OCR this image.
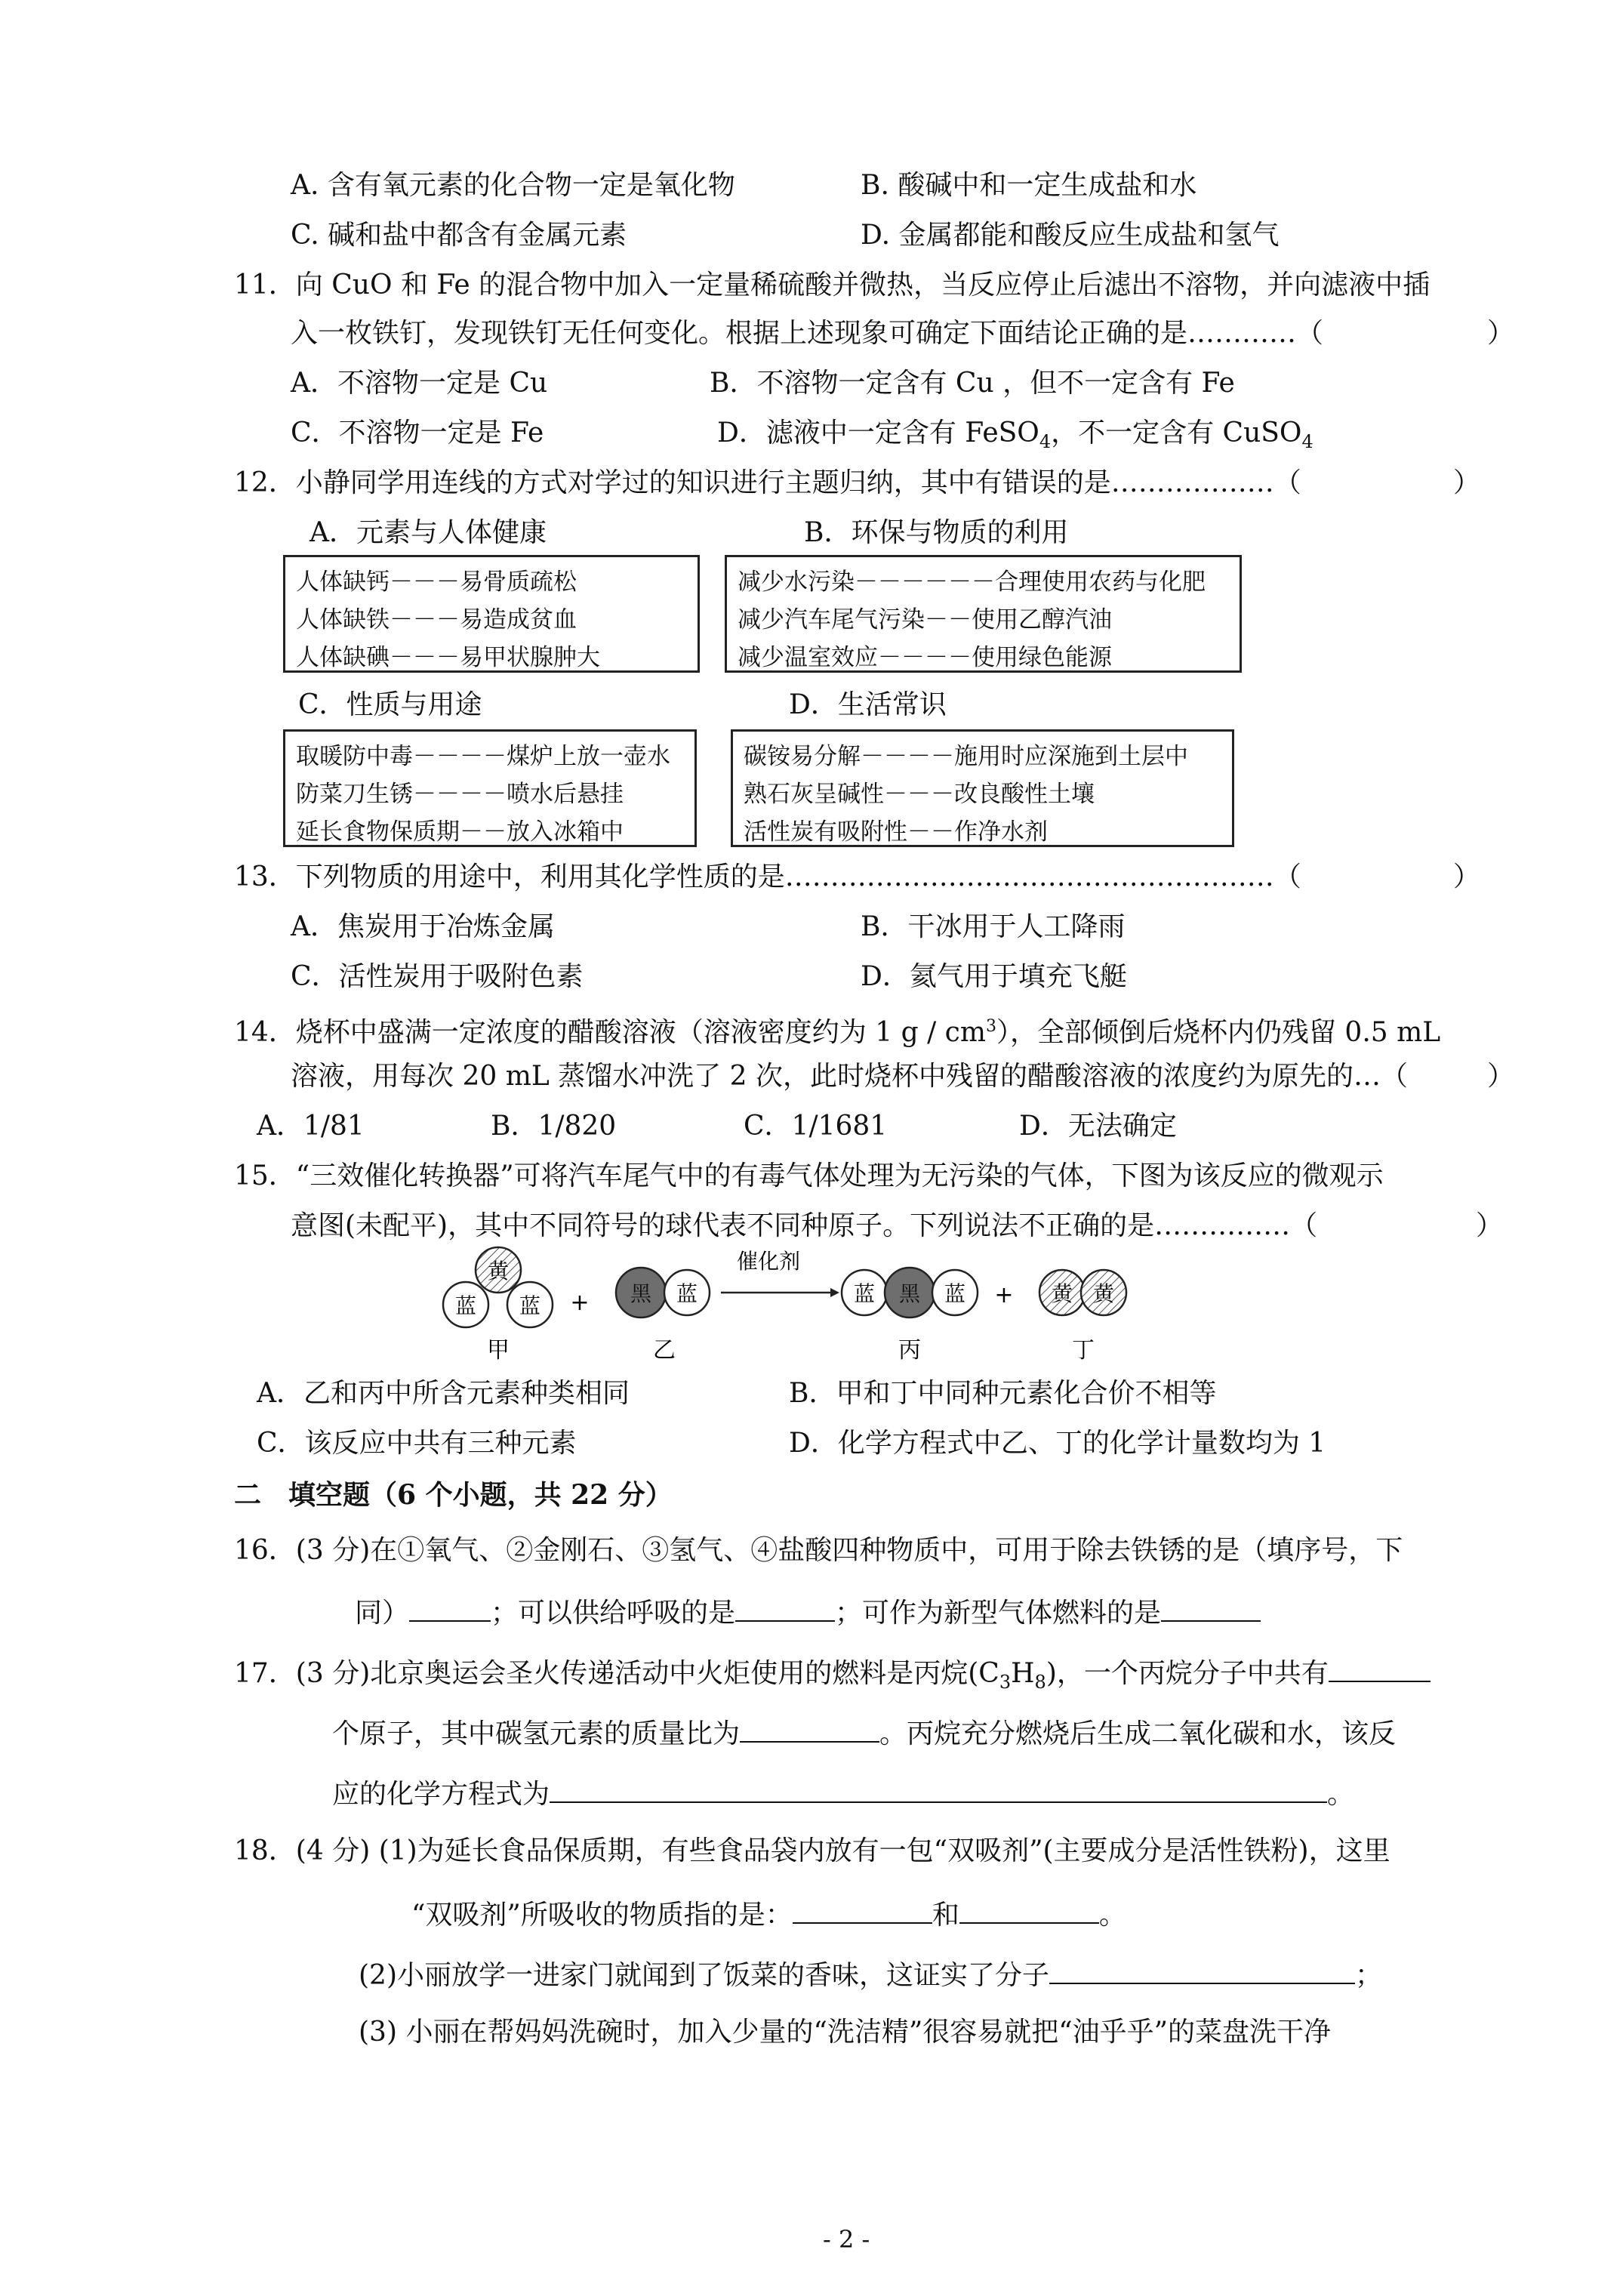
A. 含有氧元素的化合物一定是氧化物	B. 酸碱中和一定生成盐和水
C. 碱和盐中都含有金属元素	D. 金属都能和酸反应生成盐和氢气
11．向 CuO 和 Fe 的混合物中加入一定量稀硫酸并微热，当反应停止后滤出不溶物，并向滤液中插
入一枚铁钉，发现铁钉无任何变化。根据上述现象可确定下面结论正确的是…………（	）
A．不溶物一定是 Cu	B．不溶物一定含有 Cu ，但不一定含有 Fe
C．不溶物一定是 Fe	D．滤液中一定含有 FeSO$_4$，不一定含有 CuSO$_4$
12．小静同学用连线的方式对学过的知识进行主题归纳，其中有错误的是………………（	）
A．元素与人体健康	B．环保与物质的利用
人体缺钙－－－易骨质疏松
人体缺铁－－－易造成贫血
人体缺碘－－－易甲状腺肿大
减少水污染－－－－－－合理使用农药与化肥
减少汽车尾气污染－－使用乙醇汽油
减少温室效应－－－－使用绿色能源
C．性质与用途	D．生活常识
取暖防中毒－－－－煤炉上放一壶水
防菜刀生锈－－－－喷水后悬挂
延长食物保质期－－放入冰箱中
碳铵易分解－－－－施用时应深施到土层中
熟石灰呈碱性－－－改良酸性土壤
活性炭有吸附性－－作净水剂
13．下列物质的用途中，利用其化学性质的是………………………………………………（	）
A．焦炭用于冶炼金属	B．干冰用于人工降雨
C．活性炭用于吸附色素	D．氦气用于填充飞艇
14．烧杯中盛满一定浓度的醋酸溶液（溶液密度约为 1 g / $cm^3$），全部倾倒后烧杯内仍残留 0.5 mL
溶液，用每次 20 mL 蒸馏水冲洗了 2 次，此时烧杯中残留的醋酸溶液的浓度约为原先的…（	）
A．1/81	B．1/820	C．1/1681	D．无法确定
15．“三效催化转换器”可将汽车尾气中的有毒气体处理为无污染的气体，下图为该反应的微观示
意图(未配平)，其中不同符号的球代表不同种原子。下列说法不正确的是……………（	）
黄
蓝 蓝 + 黑 蓝
催化剂
蓝 黑 蓝 + 黄 黄
甲	乙	丙	丁
A．乙和丙中所含元素种类相同	B．甲和丁中同种元素化合价不相等
C．该反应中共有三种元素	D．化学方程式中乙、丁的化学计量数均为 1
二　填空题（6 个小题，共 22 分）
16．(3 分)在①氧气、②金刚石、③氢气、④盐酸四种物质中，可用于除去铁锈的是（填序号，下
同）	；可以供给呼吸的是	；可作为新型气体燃料的是
17．(3 分)北京奥运会圣火传递活动中火炬使用的燃料是丙烷$(C_3H_8)$，一个丙烷分子中共有
个原子，其中碳氢元素的质量比为	。丙烷充分燃烧后生成二氧化碳和水，该反
应的化学方程式为	。
18．(4 分) (1)为延长食品保质期，有些食品袋内放有一包“双吸剂”(主要成分是活性铁粉)，这里
“双吸剂”所吸收的物质指的是：	和	。
(2)小丽放学一进家门就闻到了饭菜的香味，这证实了分子	；
(3) 小丽在帮妈妈洗碗时，加入少量的“洗洁精”很容易就把“油乎乎”的菜盘洗干净
- 2 -
